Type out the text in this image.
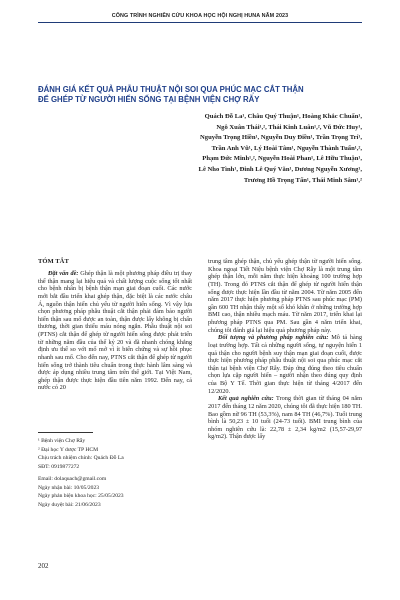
CÔNG TRÌNH NGHIÊN CỨU KHOA HỌC HỘI NGHỊ HUNA NĂM 2023
ĐÁNH GIÁ KẾT QUẢ PHẪU THUẬT NỘI SOI QUA PHÚC MẠC CẮT THẬN
ĐỂ GHÉP TỪ NGƯỜI HIẾN SỐNG TẠI BỆNH VIỆN CHỢ RẪY
Quách Đỗ La¹, Châu Quý Thuận¹, Hoàng Khắc Chuẩn¹,
Ngô Xuân Thái¹,², Thái Kinh Luân¹,², Vũ Đức Huy¹,
Nguyễn Trọng Hiền¹, Nguyễn Duy Điền¹, Trần Trọng Trí¹,
Trần Anh Vũ¹, Lý Hoài Tâm¹, Nguyễn Thành Tuấn¹,²,
Phạm Đức Minh¹,², Nguyễn Hoài Phan¹, Lê Hữu Thuận¹,
Lê Nho Tình¹, Đinh Lê Quý Văn¹, Dương Nguyễn Xương¹,
Trương Hồ Trọng Tấn¹, Thái Minh Sâm¹,²
TÓM TẮT

Đặt vấn đề: Ghép thận là một phương pháp điều trị thay thế thận mang lại hiệu quả và chất lượng cuộc sống tốt nhất cho bệnh nhân bị bệnh thận mạn giai đoạn cuối. Các nước mới bắt đầu triển khai ghép thận, đặc biệt là các nước châu Á, nguồn thận hiến chủ yếu từ người hiến sống. Vì vậy lựa chọn phương pháp phẫu thuật cắt thận phải đảm bảo người hiến thận sau mổ được an toàn, thận được lấy không bị chấn thương, thời gian thiếu máu nóng ngắn. Phẫu thuật nội soi (PTNS) cắt thận để ghép từ người hiến sống được phát triển từ những năm đầu của thế kỷ 20 và đã nhanh chóng khẳng định ưu thế so với mổ mở vì ít biến chứng và sự hồi phục nhanh sau mổ. Cho đến nay, PTNS cắt thận để ghép từ người hiến sống trở thành tiêu chuẩn trong thực hành lâm sàng và được áp dụng nhiều trung tâm trên thế giới. Tại Việt Nam, ghép thận được thực hiện đầu tiên năm 1992. Đến nay, cả nước có 20

trung tâm ghép thận, chủ yếu ghép thận từ người hiến sống. Khoa ngoại Tiết Niệu bệnh viện Chợ Rẫy là một trung tâm ghép thận lớn, mỗi năm thực hiện khoảng 100 trường hợp (TH). Trong đó PTNS cắt thận để ghép từ người hiến thận sống được thực hiện lần đầu từ năm 2004. Từ năm 2005 đến năm 2017 thực hiện phương pháp PTNS sau phúc mạc (PM) gần 600 TH nhận thấy một số khó khăn ở những trường hợp BMI cao, thận nhiều mạch máu. Từ năm 2017, triển khai lại phương pháp PTNS qua PM. Sau gần 4 năm triển khai, chúng tôi đánh giá lại hiệu quả phương pháp này.

Đối tượng và phương pháp nghiên cứu: Mô tả hàng loạt trường hợp. Tất cả những người sống, tự nguyện hiến 1 quả thận cho người bệnh suy thận mạn giai đoạn cuối, được thực hiện phương pháp phẫu thuật nội soi qua phúc mạc cắt thận tại bệnh viện Chợ Rẫy. Đáp ứng đúng theo tiêu chuẩn chọn lựa cặp người hiến – người nhận theo đúng quy định của Bộ Y Tế. Thời gian thực hiện từ tháng 4/2017 đến 12/2020.

Kết quả nghiên cứu: Trong thời gian từ tháng 04 năm 2017 đến tháng 12 năm 2020, chúng tôi đã thực hiện 180 TH. Bao gồm nữ 96 TH (53,3%), nam 84 TH (46,7%). Tuổi trung bình là 50,23 ± 10 tuổi (24-73 tuổi). BMI trung bình của nhóm nghiên cứu là: 22,78 ± 2,34 kg/m2 (15,57-29,97 kg/m2). Thận được lấy

¹ Bệnh viện Chợ Rẫy
² Đại học Y dược TP HCM
Chịu trách nhiệm chính: Quách Đỗ La
SĐT: 0919877272
Email: dolaquach@gmail.com
Ngày nhận bài: 10/05/2023
Ngày phản biện khoa học: 25/05/2023
Ngày duyệt bài: 21/06/2023
202
